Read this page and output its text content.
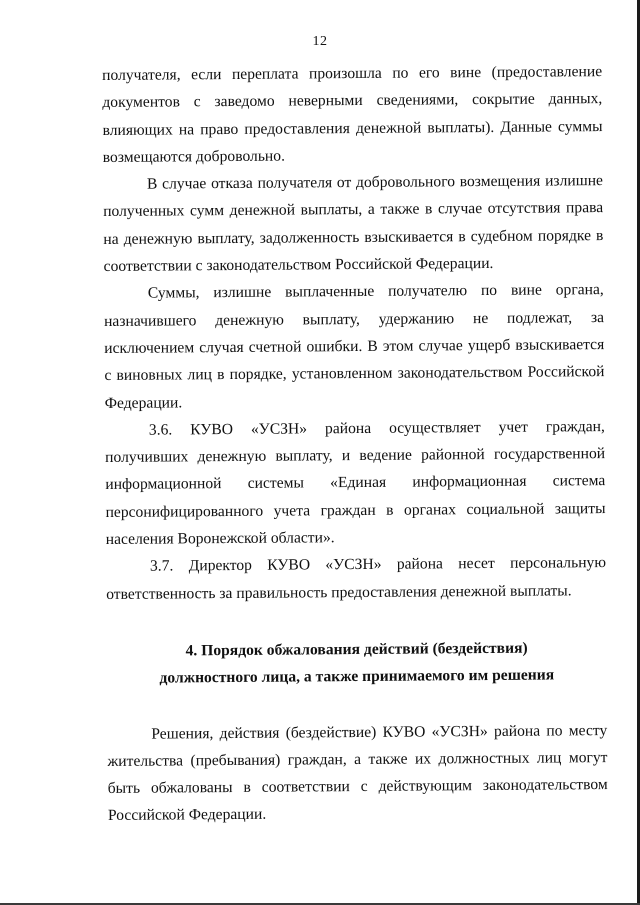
12

получателя, если переплата произошла по его вине (предоставление документов с заведомо неверными сведениями, сокрытие данных, влияющих на право предоставления денежной выплаты). Данные суммы возмещаются добровольно.

В случае отказа получателя от добровольного возмещения излишне полученных сумм денежной выплаты, а также в случае отсутствия права на денежную выплату, задолженность взыскивается в судебном порядке в соответствии с законодательством Российской Федерации.

Суммы, излишне выплаченные получателю по вине органа, назначившего денежную выплату, удержанию не подлежат, за исключением случая счетной ошибки. В этом случае ущерб взыскивается с виновных лиц в порядке, установленном законодательством Российской Федерации.

3.6. КУВО «УСЗН» района осуществляет учет граждан, получивших денежную выплату, и ведение районной государственной информационной системы «Единая информационная система персонифицированного учета граждан в органах социальной защиты населения Воронежской области».

3.7. Директор КУВО «УСЗН» района несет персональную ответственность за правильность предоставления денежной выплаты.

4. Порядок обжалования действий (бездействия)
должностного лица, а также принимаемого им решения

Решения, действия (бездействие) КУВО «УСЗН» района по месту жительства (пребывания) граждан, а также их должностных лиц могут быть обжалованы в соответствии с действующим законодательством Российской Федерации.
